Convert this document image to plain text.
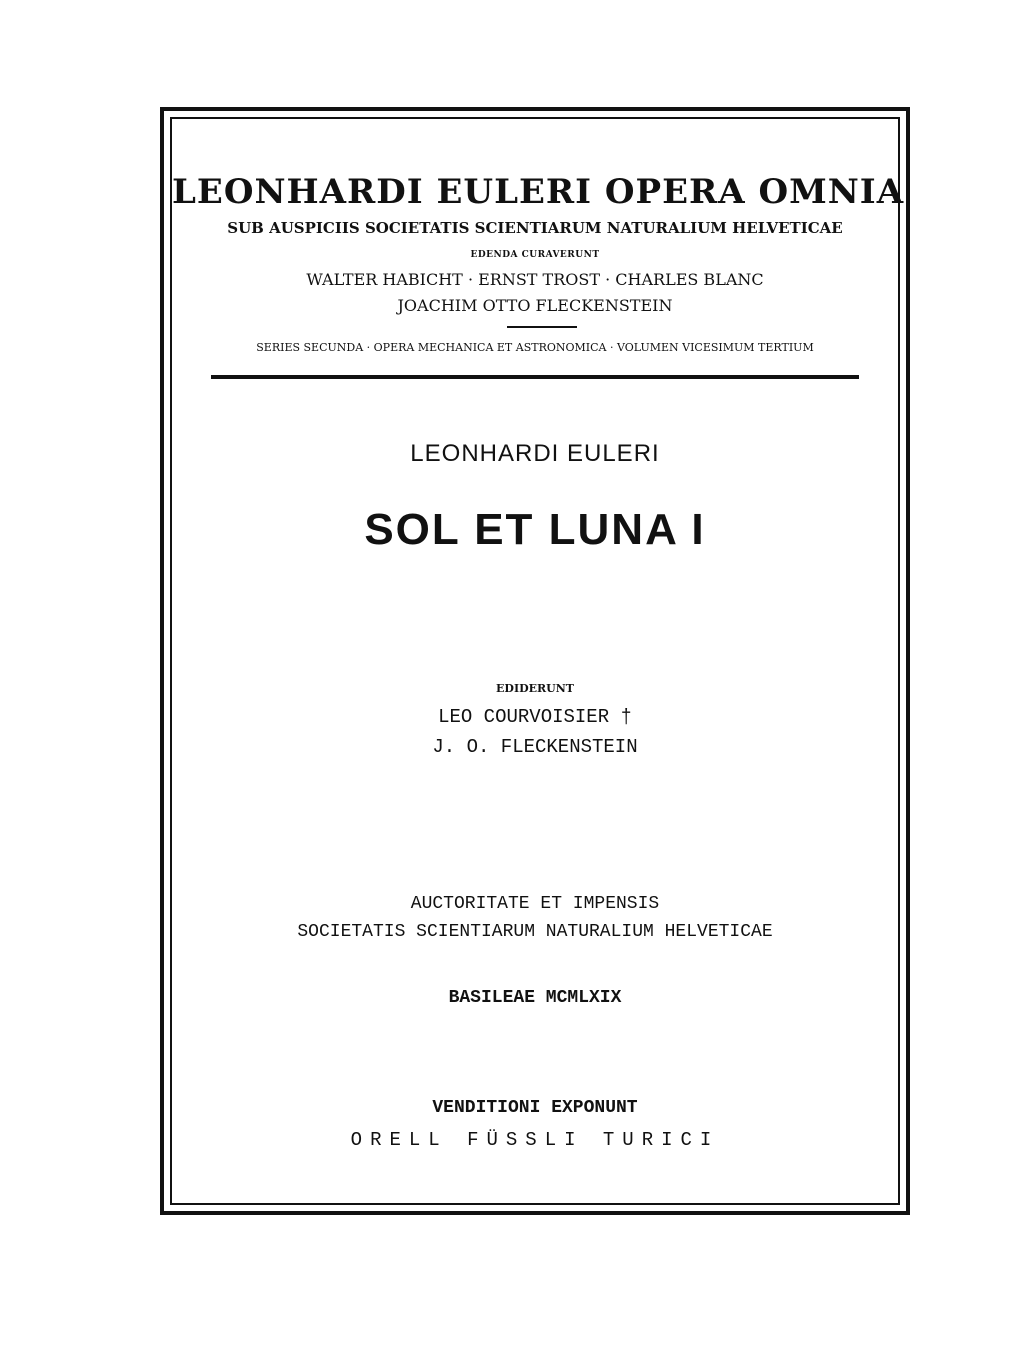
LEONHARDI EULERI OPERA OMNIA
SUB AUSPICIIS SOCIETATIS SCIENTIARUM NATURALIUM HELVETICAE
EDENDA CURAVERUNT
WALTER HABICHT · ERNST TROST · CHARLES BLANC
JOACHIM OTTO FLECKENSTEIN
SERIES SECUNDA · OPERA MECHANICA ET ASTRONOMICA · VOLUMEN VICESIMUM TERTIUM
LEONHARDI EULERI
SOL ET LUNA I
EDIDERUNT
LEO COURVOISIER †
J. O. FLECKENSTEIN
AUCTORITATE ET IMPENSIS
SOCIETATIS SCIENTIARUM NATURALIUM HELVETICAE
BASILEAE MCMLXIX
VENDITIONI EXPONUNT
ORELL FÜSSLI TURICI
